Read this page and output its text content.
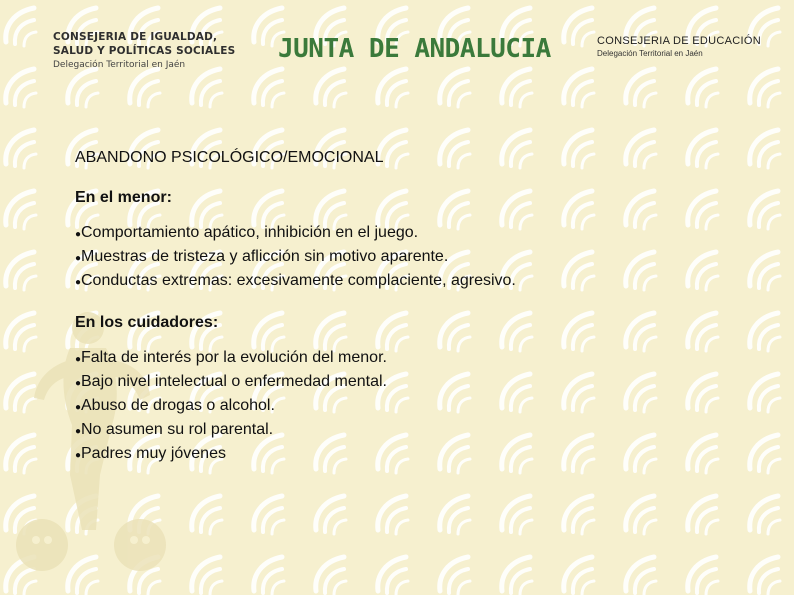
CONSEJERIA DE IGUALDAD,
SALUD Y POLÍTICAS SOCIALES
Delegación Territorial en Jaén
JUNTA DE ANDALUCIA	CONSEJERIA DE EDUCACIÓN
Delegación Territorial en Jaén
ABANDONO PSICOLÓGICO/EMOCIONAL
En el menor:
● Comportamiento apático, inhibición en el juego.
● Muestras de tristeza y aflicción sin motivo aparente.
● Conductas extremas: excesivamente complaciente, agresivo.
En los cuidadores:
● Falta de interés por la evolución del menor.
● Bajo nivel intelectual o enfermedad mental.
● Abuso de drogas o alcohol.
● No asumen su rol parental.
● Padres muy jóvenes
